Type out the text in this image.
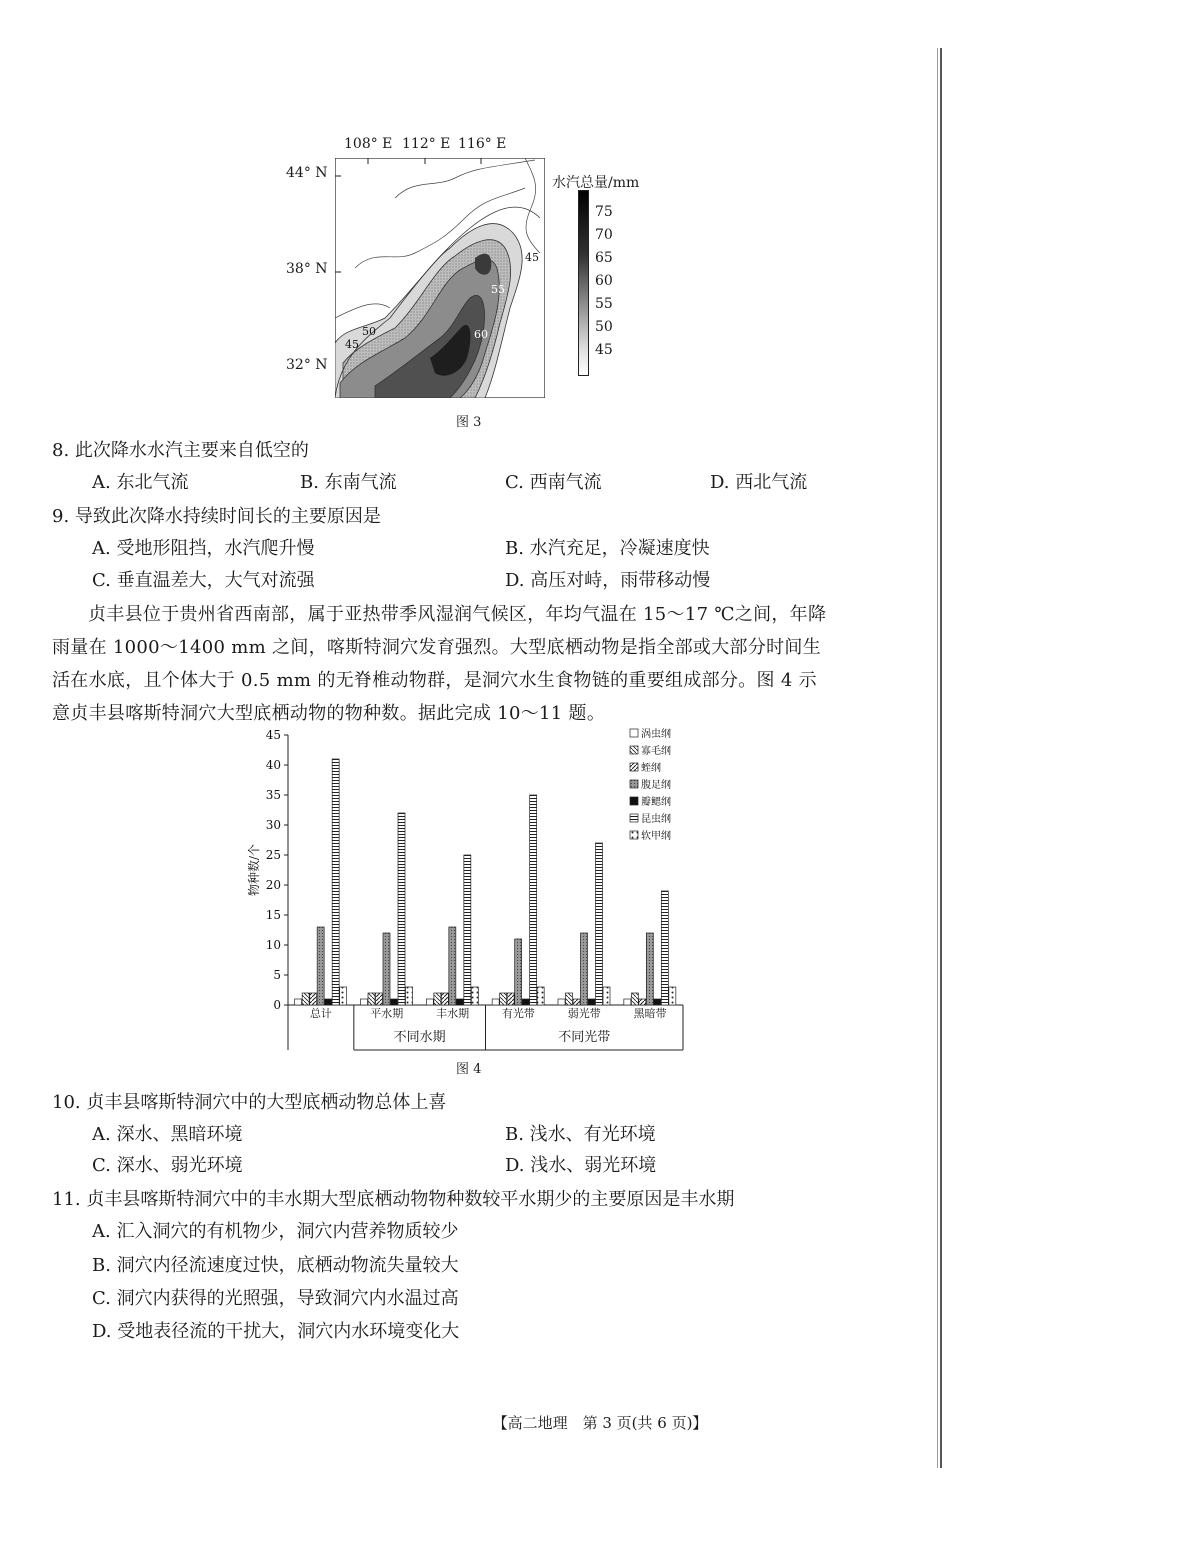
108° E 112° E 116° E
44° N
38° N
32° N
45
55
60
50
45
水汽总量/mm
75
70
65
60
55
50
45
图 3
8. 此次降水水汽主要来自低空的
A. 东北气流	B. 东南气流	C. 西南气流	D. 西北气流
9. 导致此次降水持续时间长的主要原因是
A. 受地形阻挡，水汽爬升慢	B. 水汽充足，冷凝速度快
C. 垂直温差大，大气对流强	D. 高压对峙，雨带移动慢
贞丰县位于贵州省西南部，属于亚热带季风湿润气候区，年均气温在 15～17 ℃之间，年降
雨量在 1000～1400 mm 之间，喀斯特洞穴发育强烈。大型底栖动物是指全部或大部分时间生
活在水底，且个体大于 0.5 mm 的无脊椎动物群，是洞穴水生食物链的重要组成部分。图 4 示
意贞丰县喀斯特洞穴大型底栖动物的物种数。据此完成 10～11 题。
0
5
10
15
20
25
30
35
40
45
物种数/个
总计	平水期	丰水期	有光带	弱光带	黑暗带
不同水期	不同光带
涡虫纲
寡毛纲
蛭纲
腹足纲
瓣鳃纲
昆虫纲
软甲纲
图 4
10. 贞丰县喀斯特洞穴中的大型底栖动物总体上喜
A. 深水、黑暗环境	B. 浅水、有光环境
C. 深水、弱光环境	D. 浅水、弱光环境
11. 贞丰县喀斯特洞穴中的丰水期大型底栖动物物种数较平水期少的主要原因是丰水期
A. 汇入洞穴的有机物少，洞穴内营养物质较少
B. 洞穴内径流速度过快，底栖动物流失量较大
C. 洞穴内获得的光照强，导致洞穴内水温过高
D. 受地表径流的干扰大，洞穴内水环境变化大
【高二地理　第 3 页(共 6 页)】
